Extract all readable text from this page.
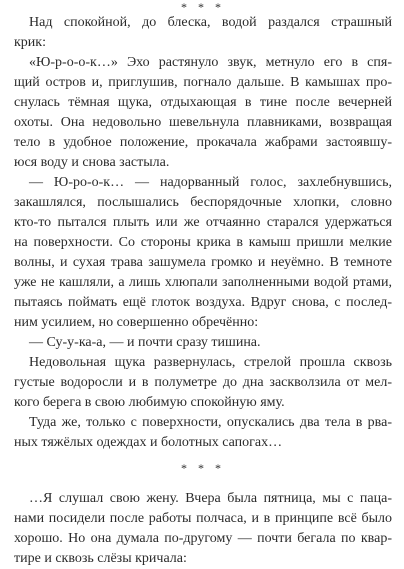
* * *
Над спокойной, до блеска, водой раздался страшный
крик:
«Ю-р-о-о-к…» Эхо растянуло звук, метнуло его в спя-
щий остров и, приглушив, погнало дальше. В камышах про-
снулась тёмная щука, отдыхающая в тине после вечерней
охоты. Она недовольно шевельнула плавниками, возвращая
тело в удобное положение, прокачала жабрами застоявшу-
юся воду и снова застыла.
— Ю-ро-о-к… — надорванный голос, захлебнувшись,
закашлялся, послышались беспорядочные хлопки, словно
кто-то пытался плыть или же отчаянно старался удержаться
на поверхности. Со стороны крика в камыш пришли мелкие
волны, и сухая трава зашумела громко и неуёмно. В темноте
уже не кашляли, а лишь хлюпали заполненными водой ртами,
пытаясь поймать ещё глоток воздуха. Вдруг снова, с послед-
ним усилием, но совершенно обречённо:
— Су-у-ка-а, — и почти сразу тишина.
Недовольная щука развернулась, стрелой прошла сквозь
густые водоросли и в полуметре до дна заскволзила от мел-
кого берега в свою любимую спокойную яму.
Туда же, только с поверхности, опускались два тела в рва-
ных тяжёлых одеждах и болотных сапогах…
* * *
…Я слушал свою жену. Вчера была пятница, мы с паца-
нами посидели после работы полчаса, и в принципе всё было
хорошо. Но она думала по-другому — почти бегала по квар-
тире и сквозь слёзы кричала:
